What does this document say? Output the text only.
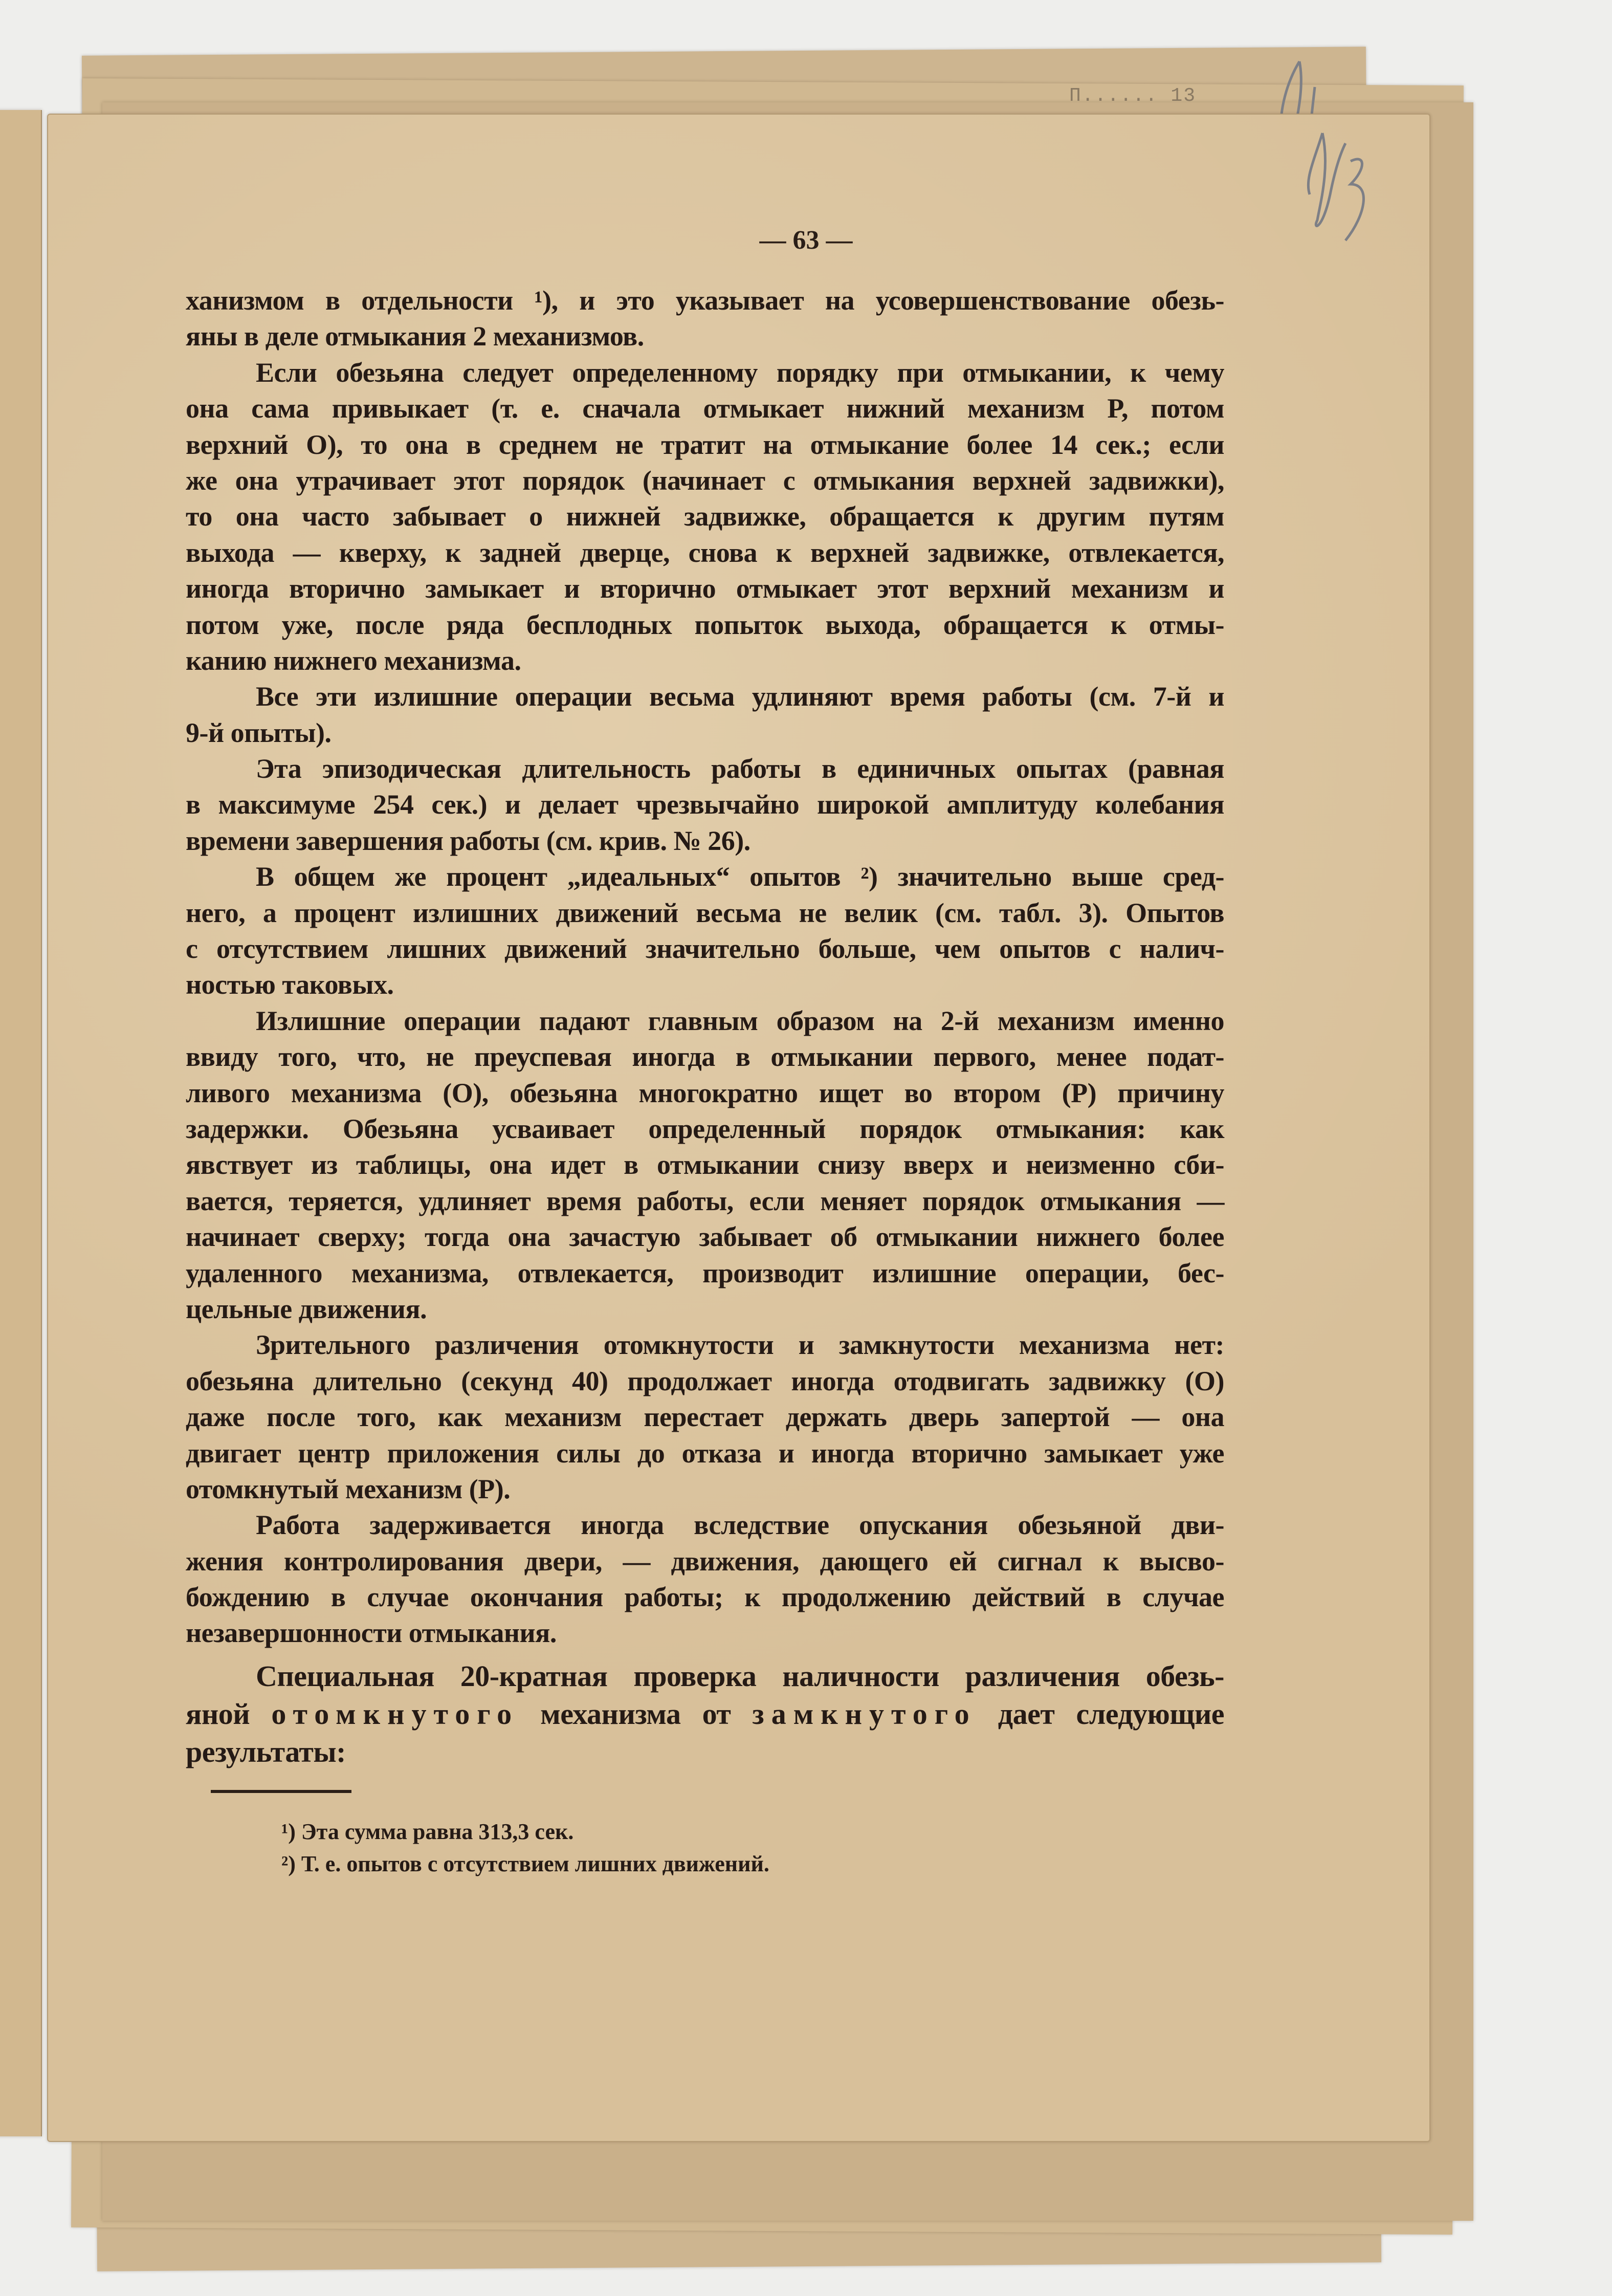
П...... 13
— 63 —
ханизмом в отдельности ¹), и это указывает на усовершенствование обезь-
яны в деле отмыкания 2 механизмов.
Если обезьяна следует определенному порядку при отмыкании, к чему
она сама привыкает (т. е. сначала отмыкает нижний механизм P, потом
верхний O), то она в среднем не тратит на отмыкание более 14 сек.; если
же она утрачивает этот порядок (начинает с отмыкания верхней задвижки),
то она часто забывает о нижней задвижке, обращается к другим путям
выхода — кверху, к задней дверце, снова к верхней задвижке, отвлекается,
иногда вторично замыкает и вторично отмыкает этот верхний механизм и
потом уже, после ряда бесплодных попыток выхода, обращается к отмы-
канию нижнего механизма.
Все эти излишние операции весьма удлиняют время работы (см. 7-й и
9-й опыты).
Эта эпизодическая длительность работы в единичных опытах (равная
в максимуме 254 сек.) и делает чрезвычайно широкой амплитуду колебания
времени завершения работы (см. крив. № 26).
В общем же процент „идеальных“ опытов ²) значительно выше сред-
него, а процент излишних движений весьма не велик (см. табл. 3). Опытов
с отсутствием лишних движений значительно больше, чем опытов с налич-
ностью таковых.
Излишние операции падают главным образом на 2-й механизм именно
ввиду того, что, не преуспевая иногда в отмыкании первого, менее подат-
ливого механизма (O), обезьяна многократно ищет во втором (P) причину
задержки. Обезьяна усваивает определенный порядок отмыкания: как
явствует из таблицы, она идет в отмыкании снизу вверх и неизменно сби-
вается, теряется, удлиняет время работы, если меняет порядок отмыкания —
начинает сверху; тогда она зачастую забывает об отмыкании нижнего более
удаленного механизма, отвлекается, производит излишние операции, бес-
цельные движения.
Зрительного различения отомкнутости и замкнутости механизма нет:
обезьяна длительно (секунд 40) продолжает иногда отодвигать задвижку (O)
даже после того, как механизм перестает держать дверь запертой — она
двигает центр приложения силы до отказа и иногда вторично замыкает уже
отомкнутый механизм (P).
Работа задерживается иногда вследствие опускания обезьяной дви-
жения контролирования двери, — движения, дающего ей сигнал к высво-
бождению в случае окончания работы; к продолжению действий в случае
незавершонности отмыкания.
Специальная 20-кратная проверка наличности различения обезь-
яной отомкнутого механизма от замкнутого дает следующие
результаты:
¹) Эта сумма равна 313,3 сек.
²) Т. е. опытов с отсутствием лишних движений.
